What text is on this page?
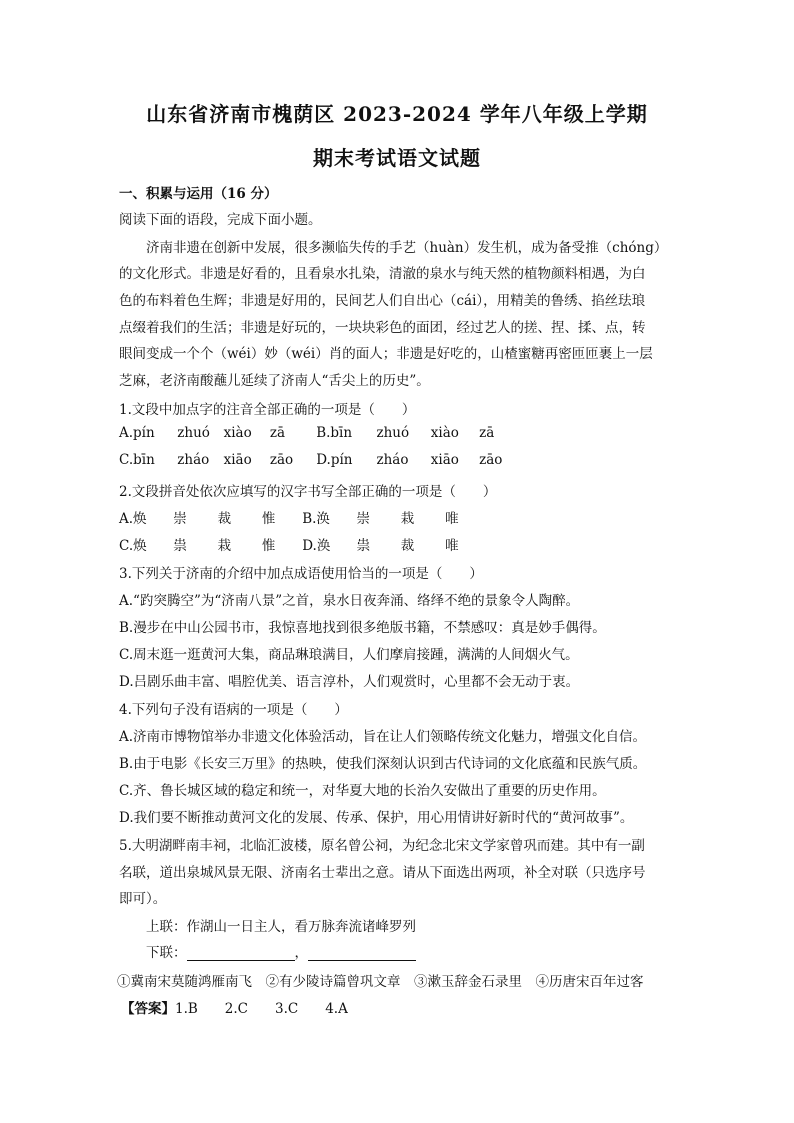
山东省济南市槐荫区 2023-2024 学年八年级上学期
期末考试语文试题
一、积累与运用（16 分）
阅读下面的语段，完成下面小题。
济南非遗在创新中发展，很多濒临失传的手艺（huàn）发生机，成为备受推（chóng）
的文化形式。非遗是好看的，且看泉水扎染，清澈的泉水与纯天然的植物颜料相遇，为白
色的布料着色生辉；非遗是好用的，民间艺人们自出心（cái），用精美的鲁绣、掐丝珐琅
点缀着我们的生活；非遗是好玩的，一块块彩色的面团，经过艺人的搓、捏、揉、点，转
眼间变成一个个（wéi）妙（wéi）肖的面人；非遗是好吃的，山楂蜜糖再密匝匝裹上一层
芝麻，老济南酸蘸儿延续了济南人“舌尖上的历史”。
1.文段中加点字的注音全部正确的一项是（　　）
A.pín zhuó xiào zā B.bīn zhuó xiào zā
C.bīn zháo xiāo zāo D.pín zháo xiāo zāo
2.文段拼音处依次应填写的汉字书写全部正确的一项是（　　）
A.焕 崇 裁 惟 B.涣 崇 栽 唯
C.焕 祟 栽 惟 D.涣 祟 裁 唯
3.下列关于济南的介绍中加点成语使用恰当的一项是（　　）
A.“趵突腾空”为“济南八景”之首，泉水日夜奔涌、络绎不绝的景象令人陶醉。
B.漫步在中山公园书市，我惊喜地找到很多绝版书籍，不禁感叹：真是妙手偶得。
C.周末逛一逛黄河大集，商品琳琅满目，人们摩肩接踵，满满的人间烟火气。
D.吕剧乐曲丰富、唱腔优美、语言淳朴，人们观赏时，心里都不会无动于衷。
4.下列句子没有语病的一项是（　　）
A.济南市博物馆举办非遗文化体验活动，旨在让人们领略传统文化魅力，增强文化自信。
B.由于电影《长安三万里》的热映，使我们深刻认识到古代诗词的文化底蕴和民族气质。
C.齐、鲁长城区域的稳定和统一，对华夏大地的长治久安做出了重要的历史作用。
D.我们要不断推动黄河文化的发展、传承、保护，用心用情讲好新时代的“黄河故事”。
5.大明湖畔南丰祠，北临汇波楼，原名曾公祠，为纪念北宋文学家曾巩而建。其中有一副
名联，道出泉城风景无限、济南名士辈出之意。请从下面选出两项，补全对联（只选序号
即可）。
上联：作湖山一日主人，看万脉奔流诸峰罗列
下联：	，
①冀南宋莫随鸿雁南飞　②有少陵诗篇曾巩文章　③漱玉辞金石录里　④历唐宋百年过客
【答案】1.B　　2.C　　3.C　　4.A
